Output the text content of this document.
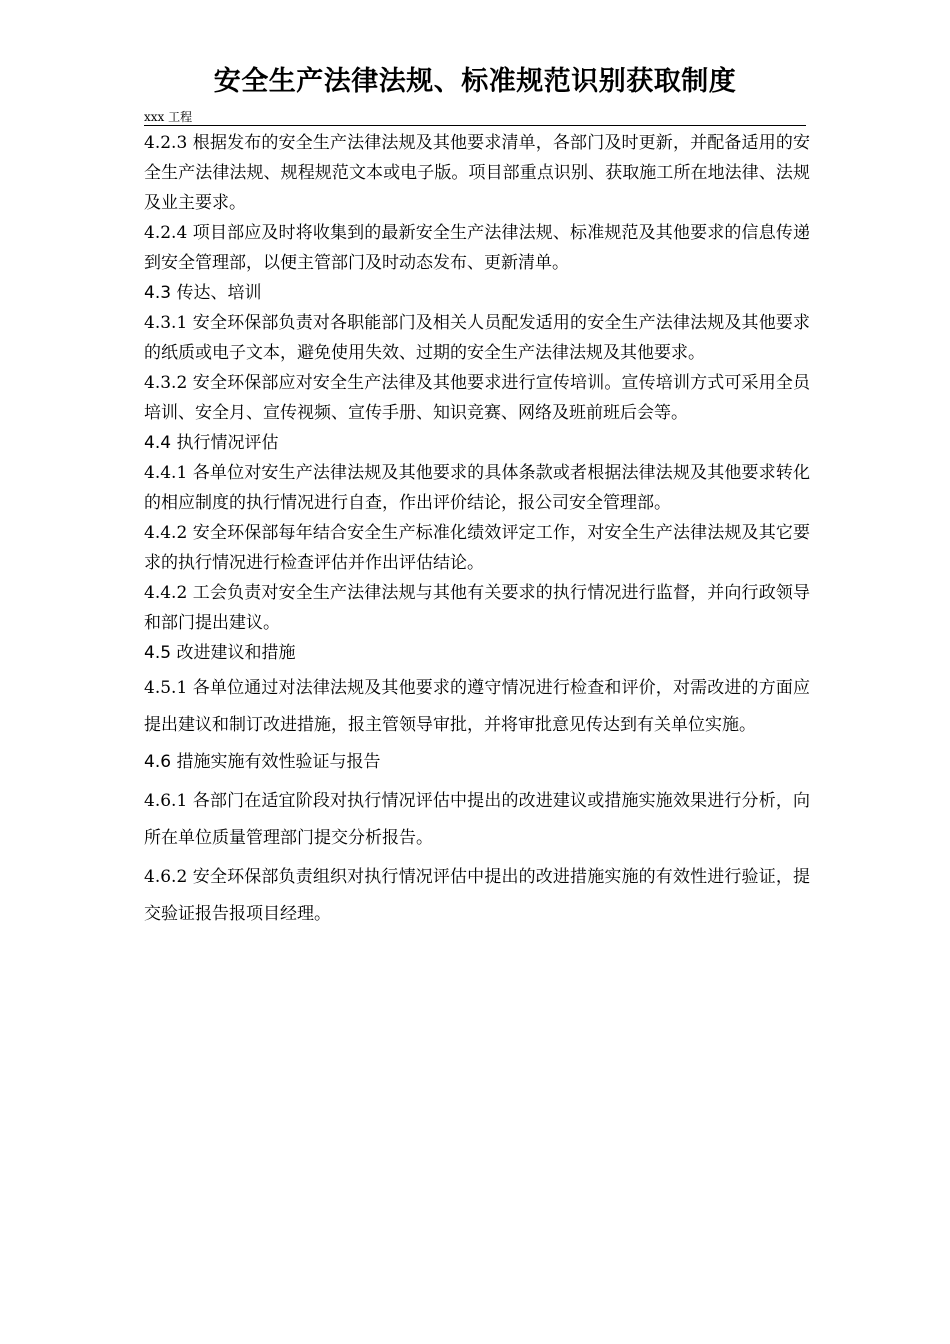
安全生产法律法规、标准规范识别获取制度
xxx 工程

4.2.3 根据发布的安全生产法律法规及其他要求清单，各部门及时更新，并配备适用的安全生产法律法规、规程规范文本或电子版。项目部重点识别、获取施工所在地法律、法规及业主要求。

4.2.4 项目部应及时将收集到的最新安全生产法律法规、标准规范及其他要求的信息传递到安全管理部，以便主管部门及时动态发布、更新清单。

4.3 传达、培训

4.3.1 安全环保部负责对各职能部门及相关人员配发适用的安全生产法律法规及其他要求的纸质或电子文本，避免使用失效、过期的安全生产法律法规及其他要求。

4.3.2 安全环保部应对安全生产法律及其他要求进行宣传培训。宣传培训方式可采用全员培训、安全月、宣传视频、宣传手册、知识竞赛、网络及班前班后会等。

4.4 执行情况评估

4.4.1 各单位对安生产法律法规及其他要求的具体条款或者根据法律法规及其他要求转化的相应制度的执行情况进行自查，作出评价结论，报公司安全管理部。

4.4.2 安全环保部每年结合安全生产标准化绩效评定工作，对安全生产法律法规及其它要求的执行情况进行检查评估并作出评估结论。

4.4.2 工会负责对安全生产法律法规与其他有关要求的执行情况进行监督，并向行政领导和部门提出建议。

4.5 改进建议和措施

4.5.1 各单位通过对法律法规及其他要求的遵守情况进行检查和评价，对需改进的方面应提出建议和制订改进措施，报主管领导审批，并将审批意见传达到有关单位实施。

4.6 措施实施有效性验证与报告

4.6.1 各部门在适宜阶段对执行情况评估中提出的改进建议或措施实施效果进行分析，向所在单位质量管理部门提交分析报告。

4.6.2 安全环保部负责组织对执行情况评估中提出的改进措施实施的有效性进行验证，提交验证报告报项目经理。
